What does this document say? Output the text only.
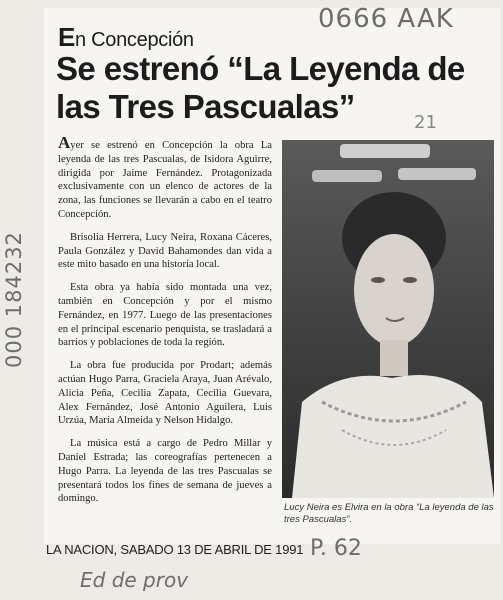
En Concepción
Se estrenó “La Leyenda de las Tres Pascualas”

Ayer se estrenó en Concepción la obra La leyenda de las tres Pascualas, de Isidora Aguirre, dirigida por Jaime Fernández. Protagonizada exclusivamente con un elenco de actores de la zona, las funciones se llevarán a cabo en el teatro Concepción.

Brisolia Herrera, Lucy Neira, Roxana Cáceres, Paula González y David Bahamondes dan vida a este mito basado en una historia local.

Esta obra ya había sido montada una vez, también en Concepción y por el mismo Fernández, en 1977. Luego de las presentaciones en el principal escenario penquista, se trasladará a barrios y poblaciones de toda la región.

La obra fue producida por Prodart; además actúan Hugo Parra, Graciela Araya, Juan Arévalo, Alicia Peña, Cecilia Zapata, Cecilia Guevara, Alex Fernández, José Antonio Aguilera, Luis Urzúa, María Almeida y Nelson Hidalgo.

La música está a cargo de Pedro Millar y Daniel Estrada; las coreografías pertenecen a Hugo Parra. La leyenda de las tres Pascualas se presentará todos los fines de semana de jueves a domingo.

Lucy Neira es Elvira en la obra “La leyenda de las tres Pascualas”.
LA NACION, SABADO 13 DE ABRIL DE 1991
0666 AAK
000 184232
21
P. 62
Ed de prov
